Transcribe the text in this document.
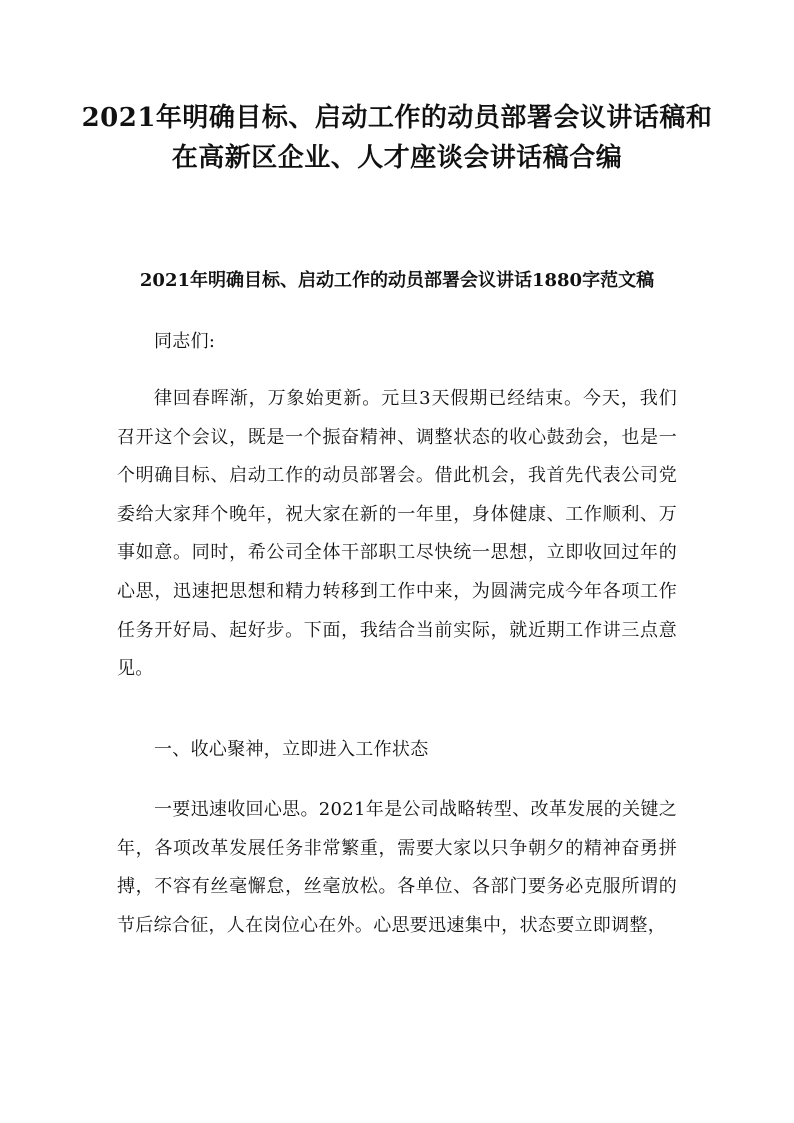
2021年明确目标、启动工作的动员部署会议讲话稿和
在高新区企业、人才座谈会讲话稿合编
2021年明确目标、启动工作的动员部署会议讲话1880字范文稿
同志们:
律回春晖渐，万象始更新。元旦3天假期已经结束。今天，我们召开这个会议，既是一个振奋精神、调整状态的收心鼓劲会，也是一个明确目标、启动工作的动员部署会。借此机会，我首先代表公司党委给大家拜个晚年，祝大家在新的一年里，身体健康、工作顺利、万事如意。同时，希公司全体干部职工尽快统一思想，立即收回过年的心思，迅速把思想和精力转移到工作中来，为圆满完成今年各项工作任务开好局、起好步。下面，我结合当前实际，就近期工作讲三点意见。
一、收心聚神，立即进入工作状态
一要迅速收回心思。2021年是公司战略转型、改革发展的关键之年，各项改革发展任务非常繁重，需要大家以只争朝夕的精神奋勇拼搏，不容有丝毫懈怠，丝毫放松。各单位、各部门要务必克服所谓的节后综合征，人在岗位心在外。心思要迅速集中，状态要立即调整，
